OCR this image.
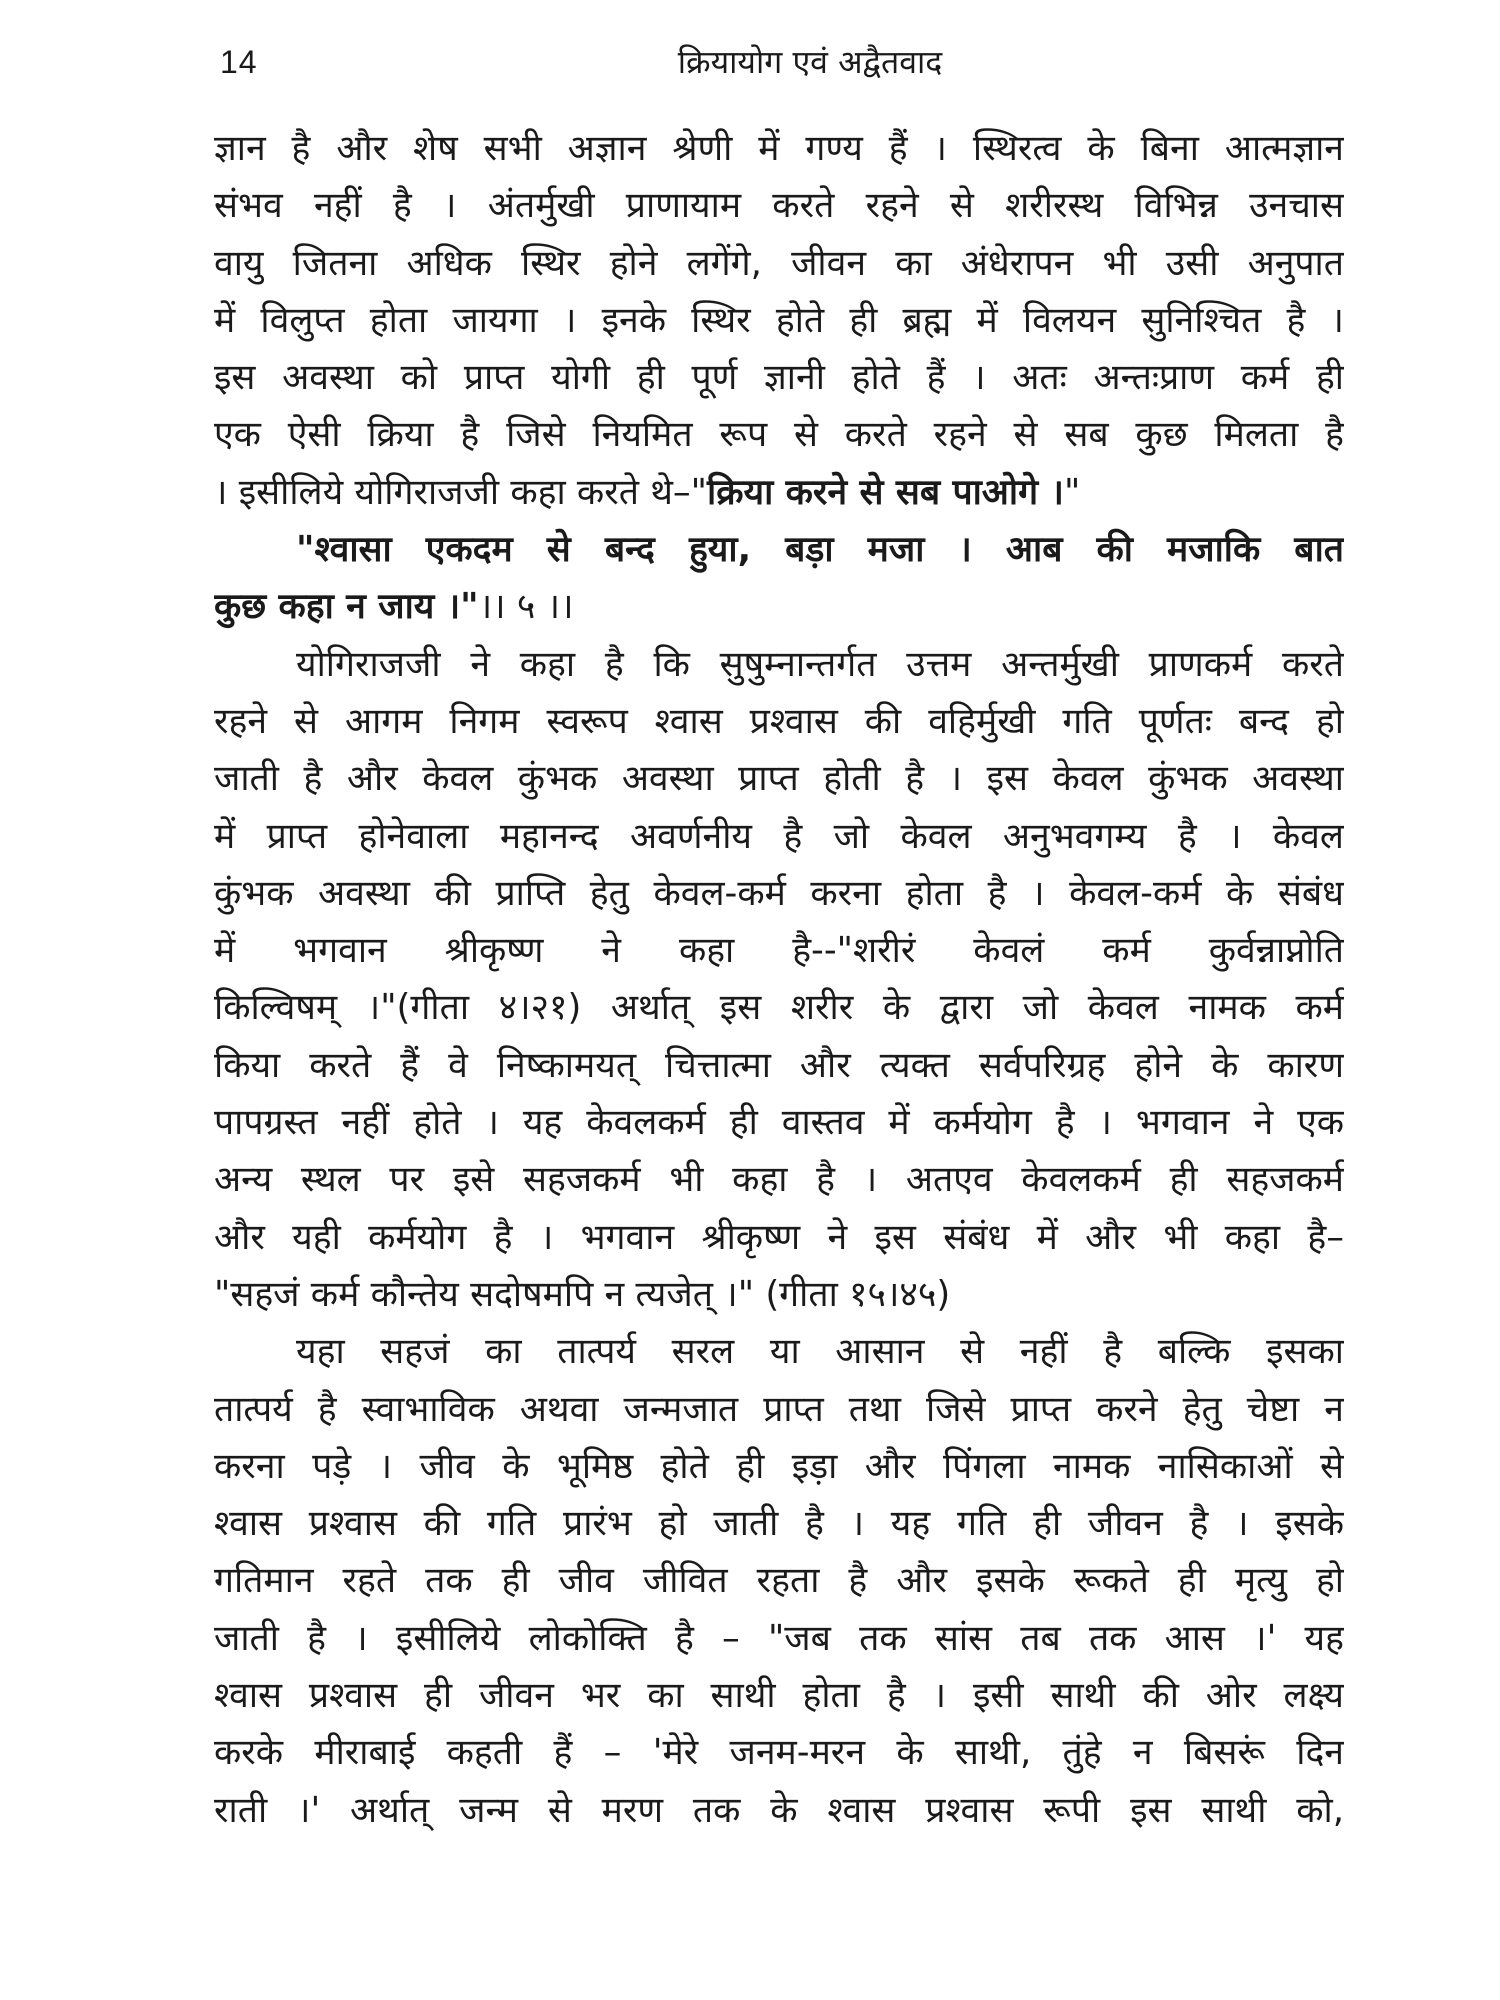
14	क्रियायोग एवं अद्वैतवाद
ज्ञान है और शेष सभी अज्ञान श्रेणी में गण्य हैं । स्थिरत्व के बिना आत्मज्ञान
संभव नहीं है । अंतर्मुखी प्राणायाम करते रहने से शरीरस्थ विभिन्न उनचास
वायु जितना अधिक स्थिर होने लगेंगे, जीवन का अंधेरापन भी उसी अनुपात
में विलुप्त होता जायगा । इनके स्थिर होते ही ब्रह्म में विलयन सुनिश्चित है ।
इस अवस्था को प्राप्त योगी ही पूर्ण ज्ञानी होते हैं । अतः अन्तःप्राण कर्म ही
एक ऐसी क्रिया है जिसे नियमित रूप से करते रहने से सब कुछ मिलता है
। इसीलिये योगिराजजी कहा करते थे–"क्रिया करने से सब पाओगे ।"
"श्वासा एकदम से बन्द हुया, बड़ा मजा । आब की मजाकि बात
कुछ कहा न जाय ।"।। ५ ।।
योगिराजजी ने कहा है कि सुषुम्नान्तर्गत उत्तम अन्तर्मुखी प्राणकर्म करते
रहने से आगम निगम स्वरूप श्वास प्रश्वास की वहिर्मुखी गति पूर्णतः बन्द हो
जाती है और केवल कुंभक अवस्था प्राप्त होती है । इस केवल कुंभक अवस्था
में प्राप्त होनेवाला महानन्द अवर्णनीय है जो केवल अनुभवगम्य है । केवल
कुंभक अवस्था की प्राप्ति हेतु केवल-कर्म करना होता है । केवल-कर्म के संबंध
में भगवान श्रीकृष्ण ने कहा है--"शरीरं केवलं कर्म कुर्वन्नाप्नोति
किल्विषम् ।"(गीता ४।२१) अर्थात् इस शरीर के द्वारा जो केवल नामक कर्म
किया करते हैं वे निष्कामयत् चित्तात्मा और त्यक्त सर्वपरिग्रह होने के कारण
पापग्रस्त नहीं होते । यह केवलकर्म ही वास्तव में कर्मयोग है । भगवान ने एक
अन्य स्थल पर इसे सहजकर्म भी कहा है । अतएव केवलकर्म ही सहजकर्म
और यही कर्मयोग है । भगवान श्रीकृष्ण ने इस संबंध में और भी कहा है–
"सहजं कर्म कौन्तेय सदोषमपि न त्यजेत् ।" (गीता १५।४५)
यहा सहजं का तात्पर्य सरल या आसान से नहीं है बल्कि इसका
तात्पर्य है स्वाभाविक अथवा जन्मजात प्राप्त तथा जिसे प्राप्त करने हेतु चेष्टा न
करना पड़े । जीव के भूमिष्ठ होते ही इड़ा और पिंगला नामक नासिकाओं से
श्वास प्रश्वास की गति प्रारंभ हो जाती है । यह गति ही जीवन है । इसके
गतिमान रहते तक ही जीव जीवित रहता है और इसके रूकते ही मृत्यु हो
जाती है । इसीलिये लोकोक्ति है – "जब तक सांस तब तक आस ।' यह
श्वास प्रश्वास ही जीवन भर का साथी होता है । इसी साथी की ओर लक्ष्य
करके मीराबाई कहती हैं – 'मेरे जनम-मरन के साथी, तुंहे न बिसरूं दिन
राती ।' अर्थात् जन्म से मरण तक के श्वास प्रश्वास रूपी इस साथी को,
